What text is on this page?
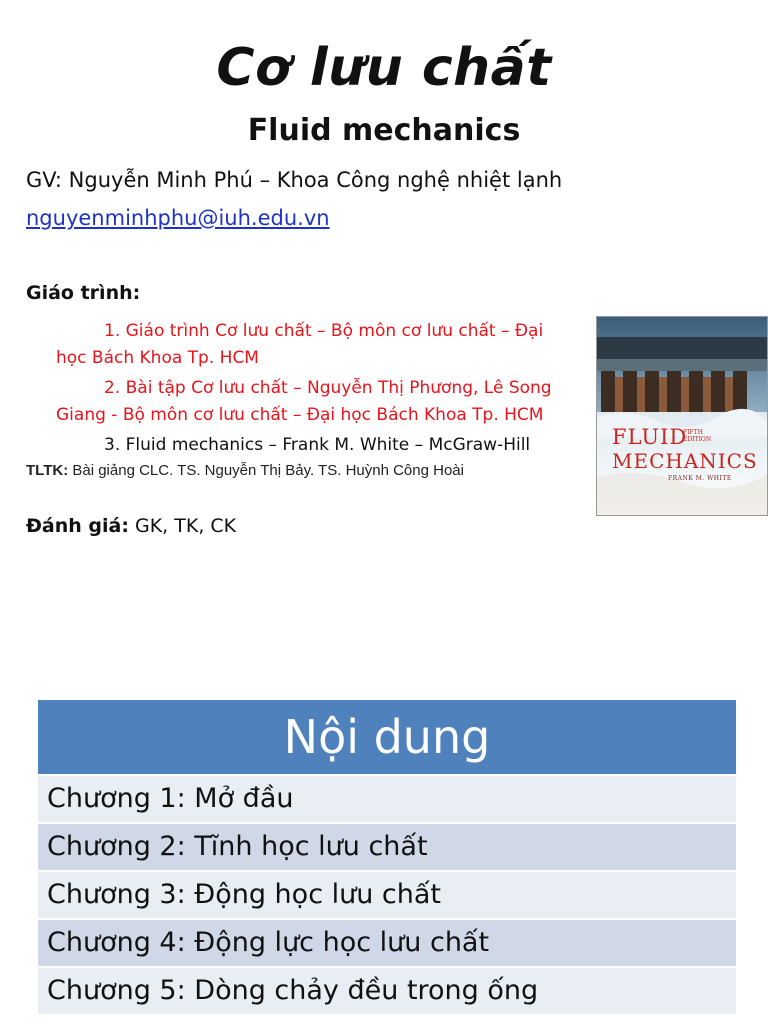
Cơ lưu chất
Fluid mechanics
GV: Nguyễn Minh Phú – Khoa Công nghệ nhiệt lạnh
nguyenminhphu@iuh.edu.vn
Giáo trình:
1. Giáo trình Cơ lưu chất – Bộ môn cơ lưu chất – Đại học Bách Khoa Tp. HCM
2. Bài tập Cơ lưu chất – Nguyễn Thị Phương, Lê Song Giang - Bộ môn cơ lưu chất – Đại học Bách Khoa Tp. HCM
3. Fluid mechanics – Frank M. White – McGraw-Hill
TLTK: Bài giảng CLC. TS. Nguyễn Thị Bảy. TS. Huỳnh Công Hoài
Đánh giá: GK, TK, CK
FLUID
FIFTH EDITION
MECHANICS
FRANK M. WHITE
Nội dung
Chương 1: Mở đầu
Chương 2: Tĩnh học lưu chất
Chương 3: Động học lưu chất
Chương 4: Động lực học lưu chất
Chương 5: Dòng chảy đều trong ống
